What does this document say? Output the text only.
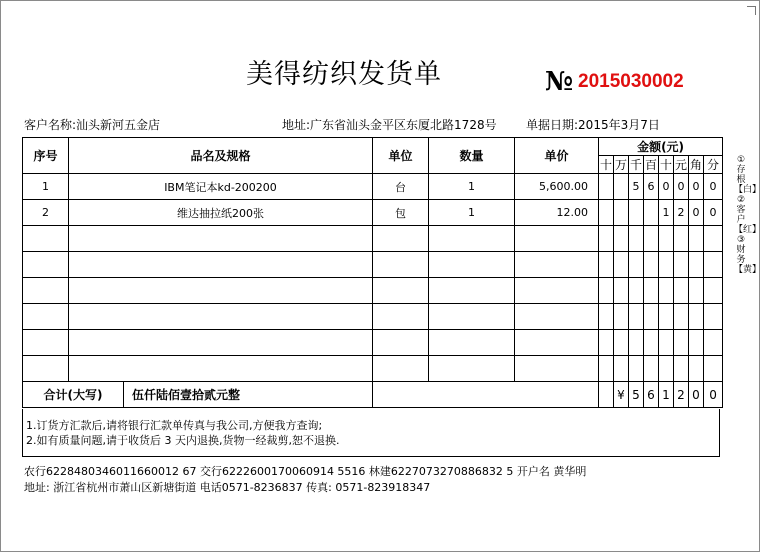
美得纺织发货单	№ 2015030002
客户名称:汕头新河五金店	地址:广东省汕头金平区东厦北路1728号 单据日期:2015年3月7日
序号	品名及规格	单位	数量	单价	金额(元)							
					十	万	千	百	十	元	角	分
1	IBM笔记本kd-200200	台	1	5,600.00			5	6	0	0	0	0
2	维达抽拉纸200张	包	1	12.00					1	2	0	0

合计(大写) 伍仟陆佰壹拾贰元整						¥	5	6	1	2	0	0
1.订货方汇款后,请将银行汇款单传真与我公司,方便我方查询;
2.如有质量问题,请于收货后 3 天内退换,货物一经裁剪,恕不退换.
农行6228480346011660012 67 交行6222600170060914 5516 林建6227073270886832 5 开户名 黄华明
地址: 浙江省杭州市萧山区新塘街道 电话0571-8236837 传真: 0571-823918347
①存根【白】②客户【红】③财务【黄】
